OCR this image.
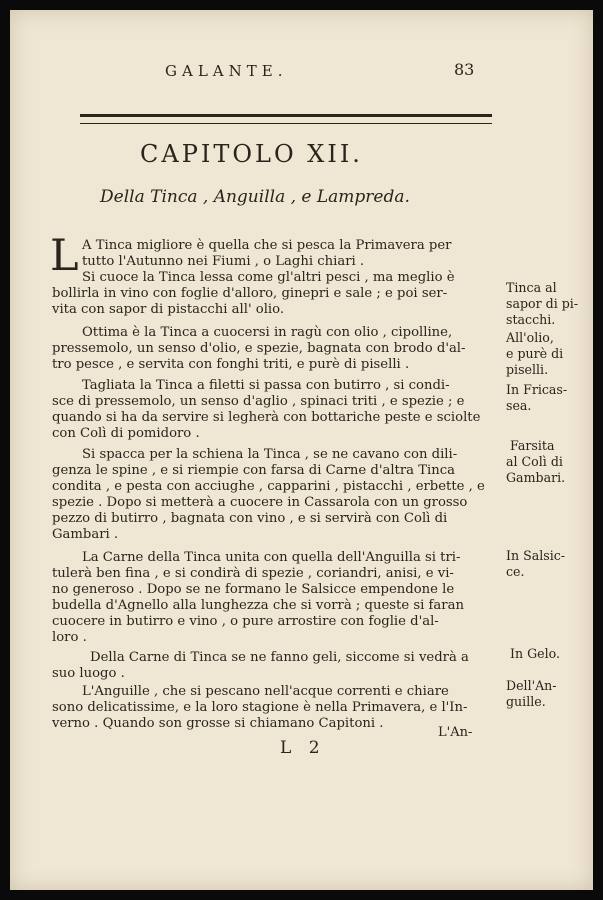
GALANTE.	83
CAPITOLO XII.
Della Tinca , Anguilla , e Lampreda.
L A Tinca migliore è quella che si pesca la Primavera per
tutto l'Autunno nei Fiumi , o Laghi chiari .
Si cuoce la Tinca lessa come gl'altri pesci , ma meglio è
bollirla in vino con foglie d'alloro, ginepri e sale ; e poi ser-
vita con sapor di pistacchi all' olio.
Ottima è la Tinca a cuocersi in ragù con olio , cipolline,
pressemolo, un senso d'olio, e spezie, bagnata con brodo d'al-
tro pesce , e servita con fonghi triti, e purè di piselli .
Tagliata la Tinca a filetti si passa con butirro , si condi-
sce di pressemolo, un senso d'aglio , spinaci triti , e spezie ; e
quando si ha da servire si legherà con bottariche peste e sciolte
con Colì di pomidoro .
Si spacca per la schiena la Tinca , se ne cavano con dili-
genza le spine , e si riempie con farsa di Carne d'altra Tinca
condita , e pesta con acciughe , capparini , pistacchi , erbette , e
spezie . Dopo si metterà a cuocere in Cassarola con un grosso
pezzo di butirro , bagnata con vino , e si servirà con Colì di
Gambari .
La Carne della Tinca unita con quella dell'Anguilla si tri-
tulerà ben fina , e si condirà di spezie , coriandri, anisi, e vi-
no generoso . Dopo se ne formano le Salsicce empendone le
budella d'Agnello alla lunghezza che si vorrà ; queste si faran
cuocere in butirro e vino , o pure arrostire con foglie d'al-
loro .
Della Carne di Tinca se ne fanno geli, siccome si vedrà a
suo luogo .
L'Anguille , che si pescano nell'acque correnti e chiare
sono delicatissime, e la loro stagione è nella Primavera, e l'In-
verno . Quando son grosse si chiamano Capitoni .
Tinca al
sapor di pi-
stacchi.
All'olio,
e purè di
piselli.
In Fricas-
sea.
Farsita
al Colì di
Gambari.
In Salsic-
ce.
In Gelo.
Dell'An-
guille.
L'An-
L 2
